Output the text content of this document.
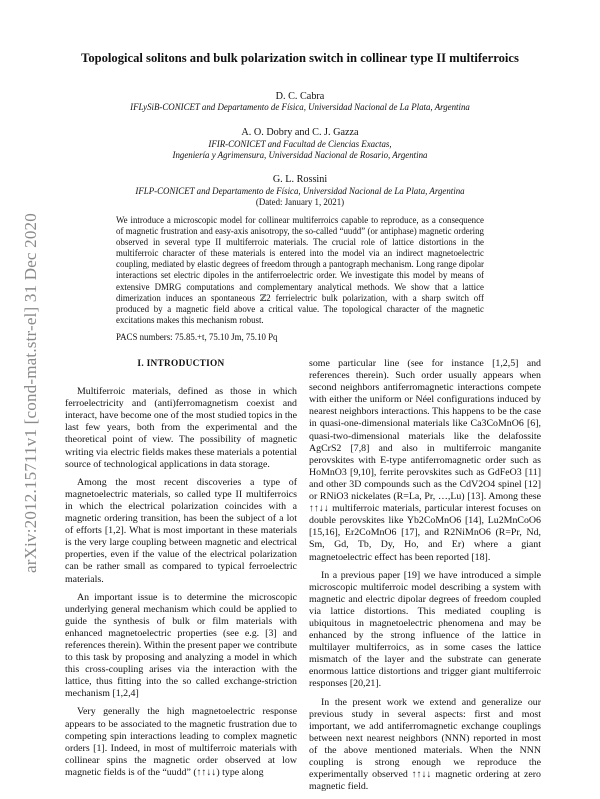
arXiv:2012.15711v1 [cond-mat.str-el] 31 Dec 2020
Topological solitons and bulk polarization switch in collinear type II multiferroics
D. C. Cabra
IFLySiB-CONICET and Departamento de Física, Universidad Nacional de La Plata, Argentina
A. O. Dobry and C. J. Gazza
IFIR-CONICET and Facultad de Ciencias Exactas,
Ingeniería y Agrimensura, Universidad Nacional de Rosario, Argentina
G. L. Rossini
IFLP-CONICET and Departamento de Física, Universidad Nacional de La Plata, Argentina
(Dated: January 1, 2021)
We introduce a microscopic model for collinear multiferroics capable to reproduce, as a consequence of magnetic frustration and easy-axis anisotropy, the so-called “uudd” (or antiphase) magnetic ordering observed in several type II multiferroic materials. The crucial role of lattice distortions in the multiferroic character of these materials is entered into the model via an indirect magnetoelectric coupling, mediated by elastic degrees of freedom through a pantograph mechanism. Long range dipolar interactions set electric dipoles in the antiferroelectric order. We investigate this model by means of extensive DMRG computations and complementary analytical methods. We show that a lattice dimerization induces an spontaneous ℤ2 ferrielectric bulk polarization, with a sharp switch off produced by a magnetic field above a critical value. The topological character of the magnetic excitations makes this mechanism robust.
PACS numbers: 75.85.+t, 75.10 Jm, 75.10 Pq
I. INTRODUCTION

Multiferroic materials, defined as those in which ferroelectricity and (anti)ferromagnetism coexist and interact, have become one of the most studied topics in the last few years, both from the experimental and the theoretical point of view. The possibility of magnetic writing via electric fields makes these materials a potential source of technological applications in data storage.

Among the most recent discoveries a type of magnetoelectric materials, so called type II multiferroics in which the electrical polarization coincides with a magnetic ordering transition, has been the subject of a lot of efforts [1,2]. What is most important in these materials is the very large coupling between magnetic and electrical properties, even if the value of the electrical polarization can be rather small as compared to typical ferroelectric materials.

An important issue is to determine the microscopic underlying general mechanism which could be applied to guide the synthesis of bulk or film materials with enhanced magnetoelectric properties (see e.g. [3] and references therein). Within the present paper we contribute to this task by proposing and analyzing a model in which this cross-coupling arises via the interaction with the lattice, thus fitting into the so called exchange-striction mechanism [1,2,4]

Very generally the high magnetoelectric response appears to be associated to the magnetic frustration due to competing spin interactions leading to complex magnetic orders [1]. Indeed, in most of multiferroic materials with collinear spins the magnetic order observed at low magnetic fields is of the “uudd” (↑↑↓↓) type along

some particular line (see for instance [1,2,5] and references therein). Such order usually appears when second neighbors antiferromagnetic interactions compete with either the uniform or Néel configurations induced by nearest neighbors interactions. This happens to be the case in quasi-one-dimensional materials like Ca3CoMnO6 [6], quasi-two-dimensional materials like the delafossite AgCrS2 [7,8] and also in multiferroic manganite perovskites with E-type antiferromagnetic order such as HoMnO3 [9,10], ferrite perovskites such as GdFeO3 [11] and other 3D compounds such as the CdV2O4 spinel [12] or RNiO3 nickelates (R=La, Pr, …,Lu) [13]. Among these ↑↑↓↓ multiferroic materials, particular interest focuses on double perovskites like Yb2CoMnO6 [14], Lu2MnCoO6 [15,16], Er2CoMnO6 [17], and R2NiMnO6 (R=Pr, Nd, Sm, Gd, Tb, Dy, Ho, and Er) where a giant magnetoelectric effect has been reported [18].

In a previous paper [19] we have introduced a simple microscopic multiferroic model describing a system with magnetic and electric dipolar degrees of freedom coupled via lattice distortions. This mediated coupling is ubiquitous in magnetoelectric phenomena and may be enhanced by the strong influence of the lattice in multilayer multiferroics, as in some cases the lattice mismatch of the layer and the substrate can generate enormous lattice distortions and trigger giant multiferroic responses [20,21].

In the present work we extend and generalize our previous study in several aspects: first and most important, we add antiferromagnetic exchange couplings between next nearest neighbors (NNN) reported in most of the above mentioned materials. When the NNN coupling is strong enough we reproduce the experimentally observed ↑↑↓↓ magnetic ordering at zero magnetic field.
